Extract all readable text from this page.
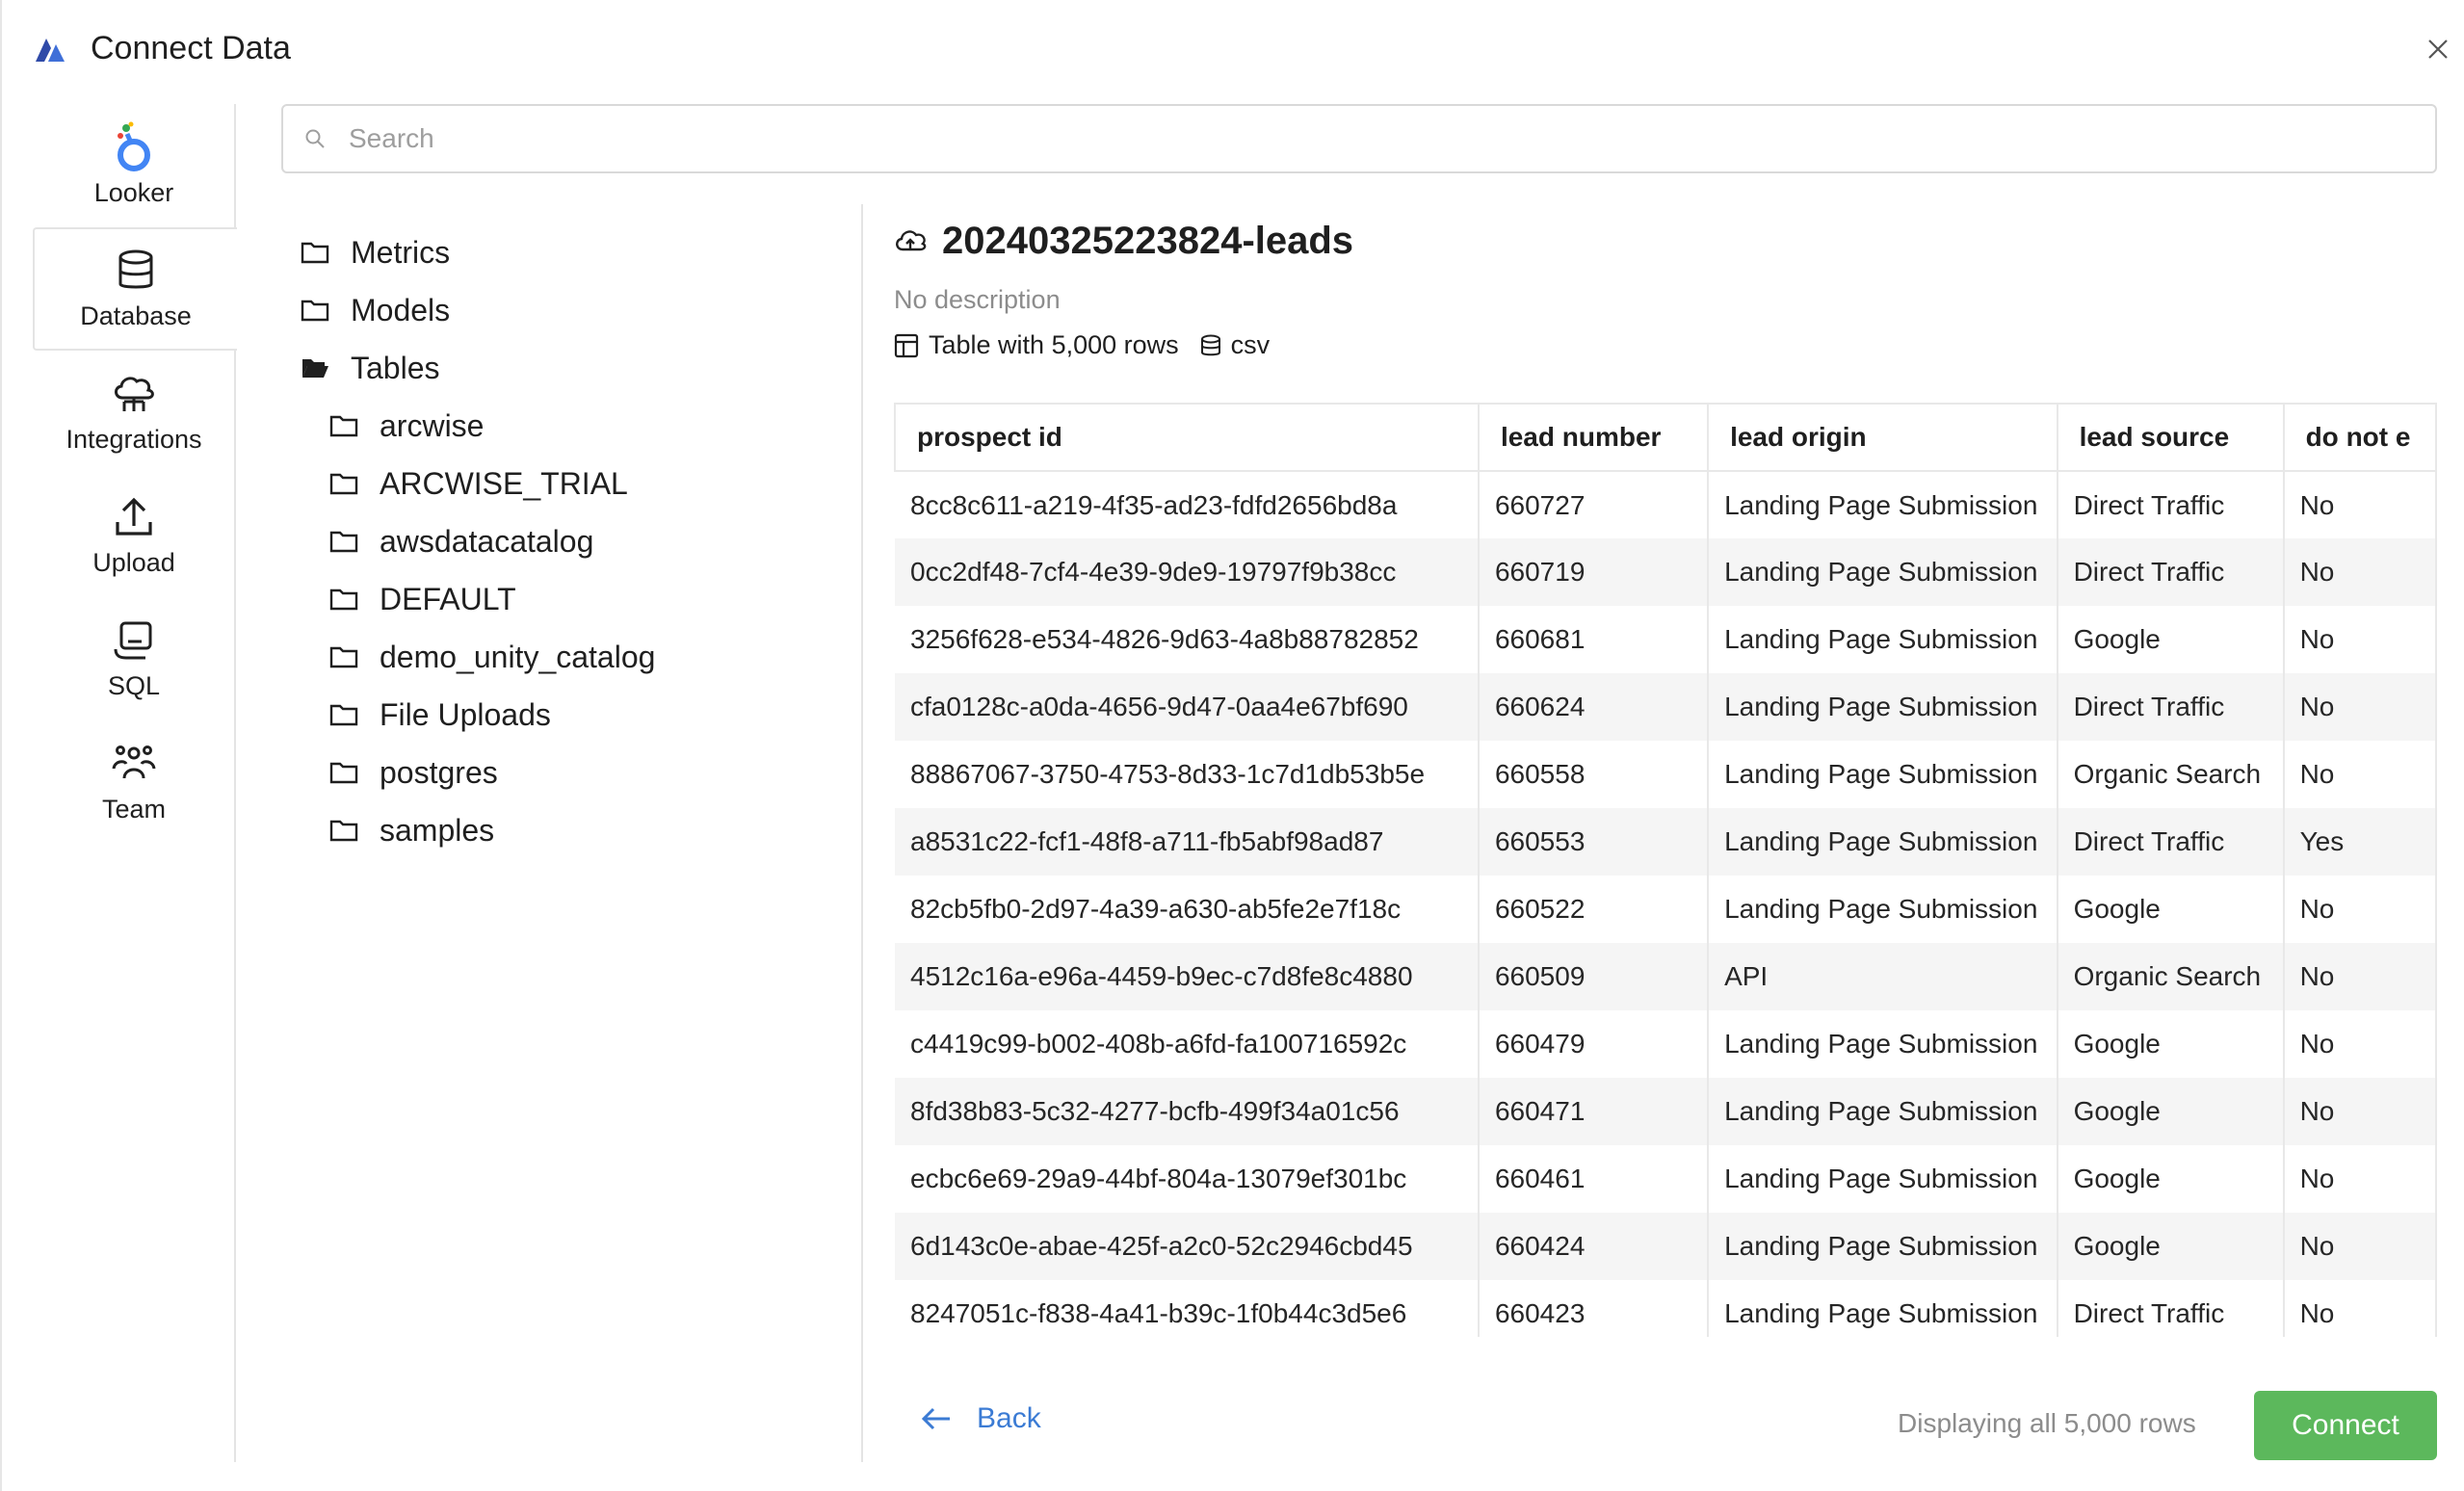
Connect Data
Looker
Database
Integrations
Upload
SQL
Team
Search
Metrics
Models
Tables
arcwise
ARCWISE_TRIAL
awsdatacatalog
DEFAULT
demo_unity_catalog
File Uploads
postgres
samples
20240325223824-leads
No description
Table with 5,000 rows csv
prospect id	lead number	lead origin	lead source	do not e
8cc8c611-a219-4f35-ad23-fdfd2656bd8a	660727	Landing Page Submission	Direct Traffic	No
0cc2df48-7cf4-4e39-9de9-19797f9b38cc	660719	Landing Page Submission	Direct Traffic	No
3256f628-e534-4826-9d63-4a8b88782852	660681	Landing Page Submission	Google	No
cfa0128c-a0da-4656-9d47-0aa4e67bf690	660624	Landing Page Submission	Direct Traffic	No
88867067-3750-4753-8d33-1c7d1db53b5e	660558	Landing Page Submission	Organic Search	No
a8531c22-fcf1-48f8-a711-fb5abf98ad87	660553	Landing Page Submission	Direct Traffic	Yes
82cb5fb0-2d97-4a39-a630-ab5fe2e7f18c	660522	Landing Page Submission	Google	No
4512c16a-e96a-4459-b9ec-c7d8fe8c4880	660509	API	Organic Search	No
c4419c99-b002-408b-a6fd-fa100716592c	660479	Landing Page Submission	Google	No
8fd38b83-5c32-4277-bcfb-499f34a01c56	660471	Landing Page Submission	Google	No
ecbc6e69-29a9-44bf-804a-13079ef301bc	660461	Landing Page Submission	Google	No
6d143c0e-abae-425f-a2c0-52c2946cbd45	660424	Landing Page Submission	Google	No
8247051c-f838-4a41-b39c-1f0b44c3d5e6	660423	Landing Page Submission	Direct Traffic	No
Back	Displaying all 5,000 rows	Connect
